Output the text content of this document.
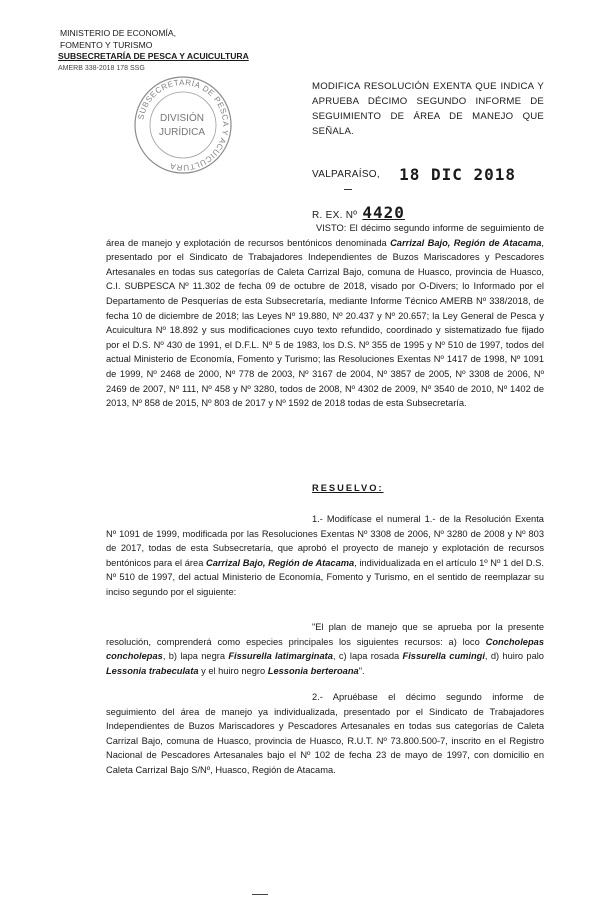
MINISTERIO DE ECONOMÍA,
FOMENTO Y TURISMO
SUBSECRETARÍA DE PESCA Y ACUICULTURA
AMERB 338-2018 178 SSG
SUBSECRETARÍA DE PESCA Y ACUICULTURA
DIVISIÓN
JURÍDICA
MODIFICA RESOLUCIÓN EXENTA QUE INDICA Y APRUEBA DÉCIMO SEGUNDO INFORME DE SEGUIMIENTO DE ÁREA DE MANEJO QUE SEÑALA.
VALPARAÍSO, 18 DIC 2018
R. EX. Nº 4420
VISTO: El décimo segundo informe de seguimiento de área de manejo y explotación de recursos bentónicos denominada Carrizal Bajo, Región de Atacama, presentado por el Sindicato de Trabajadores Independientes de Buzos Mariscadores y Pescadores Artesanales en todas sus categorías de Caleta Carrizal Bajo, comuna de Huasco, provincia de Huasco, C.I. SUBPESCA Nº 11.302 de fecha 09 de octubre de 2018, visado por O-Divers; lo Informado por el Departamento de Pesquerías de esta Subsecretaría, mediante Informe Técnico AMERB Nº 338/2018, de fecha 10 de diciembre de 2018; las Leyes Nº 19.880, Nº 20.437 y Nº 20.657; la Ley General de Pesca y Acuicultura Nº 18.892 y sus modificaciones cuyo texto refundido, coordinado y sistematizado fue fijado por el D.S. Nº 430 de 1991, el D.F.L. Nº 5 de 1983, los D.S. Nº 355 de 1995 y Nº 510 de 1997, todos del actual Ministerio de Economía, Fomento y Turismo; las Resoluciones Exentas Nº 1417 de 1998, Nº 1091 de 1999, Nº 2468 de 2000, Nº 778 de 2003, Nº 3167 de 2004, Nº 3857 de 2005, Nº 3308 de 2006, Nº 2469 de 2007, Nº 111, Nº 458 y Nº 3280, todos de 2008, Nº 4302 de 2009, Nº 3540 de 2010, Nº 1402 de 2013, Nº 858 de 2015, Nº 803 de 2017 y Nº 1592 de 2018 todas de esta Subsecretaría.
RESUELVO:
1.- Modifícase el numeral 1.- de la Resolución Exenta Nº 1091 de 1999, modificada por las Resoluciones Exentas Nº 3308 de 2006, Nº 3280 de 2008 y Nº 803 de 2017, todas de esta Subsecretaría, que aprobó el proyecto de manejo y explotación de recursos bentónicos para el área Carrizal Bajo, Región de Atacama, individualizada en el artículo 1º Nº 1 del D.S. Nº 510 de 1997, del actual Ministerio de Economía, Fomento y Turismo, en el sentido de reemplazar su inciso segundo por el siguiente:
"El plan de manejo que se aprueba por la presente resolución, comprenderá como especies principales los siguientes recursos: a) loco Concholepas concholepas, b) lapa negra Fissurella latimarginata, c) lapa rosada Fissurella cumingi, d) huiro palo Lessonia trabeculata y el huiro negro Lessonia berteroana".
2.- Apruébase el décimo segundo informe de seguimiento del área de manejo ya individualizada, presentado por el Sindicato de Trabajadores Independientes de Buzos Mariscadores y Pescadores Artesanales en todas sus categorías de Caleta Carrizal Bajo, comuna de Huasco, provincia de Huasco, R.U.T. Nº 73.800.500-7, inscrito en el Registro Nacional de Pescadores Artesanales bajo el Nº 102 de fecha 23 de mayo de 1997, con domicilio en Caleta Carrizal Bajo S/Nº, Huasco, Región de Atacama.
